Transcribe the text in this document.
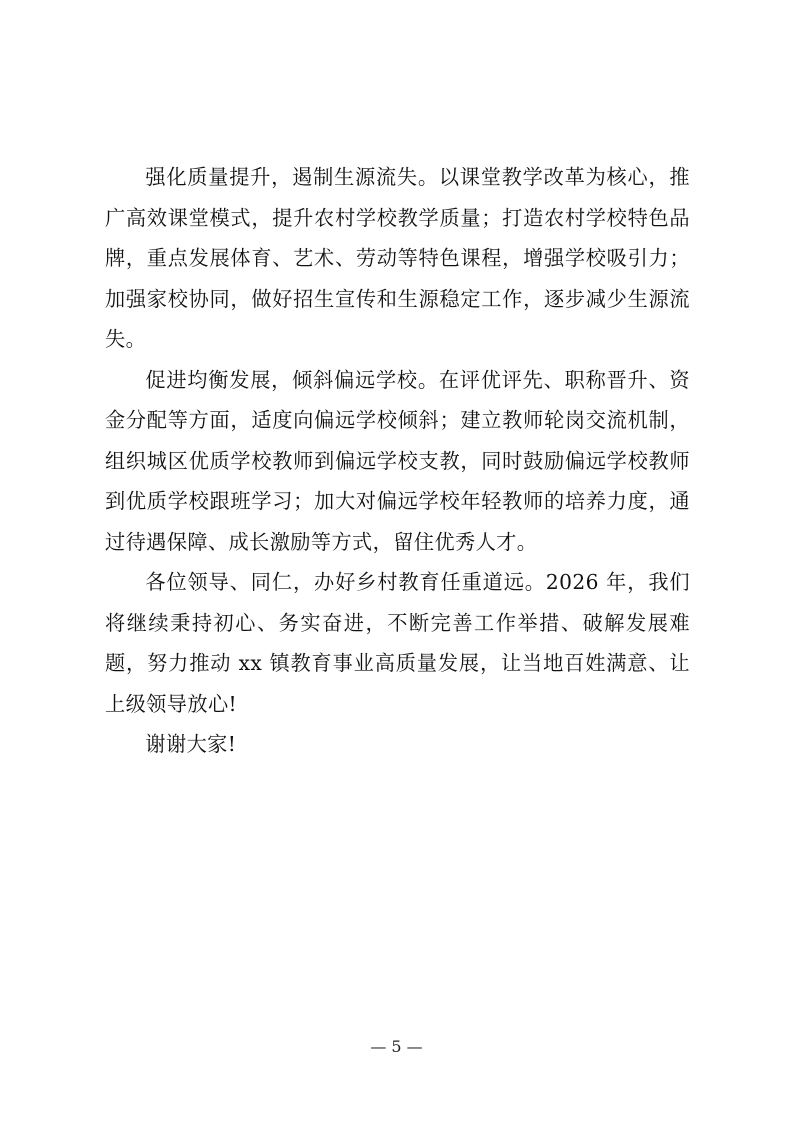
强化质量提升，遏制生源流失。以课堂教学改革为核心，推广高效课堂模式，提升农村学校教学质量；打造农村学校特色品牌，重点发展体育、艺术、劳动等特色课程，增强学校吸引力；加强家校协同，做好招生宣传和生源稳定工作，逐步减少生源流失。

促进均衡发展，倾斜偏远学校。在评优评先、职称晋升、资金分配等方面，适度向偏远学校倾斜；建立教师轮岗交流机制，组织城区优质学校教师到偏远学校支教，同时鼓励偏远学校教师到优质学校跟班学习；加大对偏远学校年轻教师的培养力度，通过待遇保障、成长激励等方式，留住优秀人才。

各位领导、同仁，办好乡村教育任重道远。2026 年，我们将继续秉持初心、务实奋进，不断完善工作举措、破解发展难题，努力推动 xx 镇教育事业高质量发展，让当地百姓满意、让上级领导放心!

谢谢大家!

— 5 —
